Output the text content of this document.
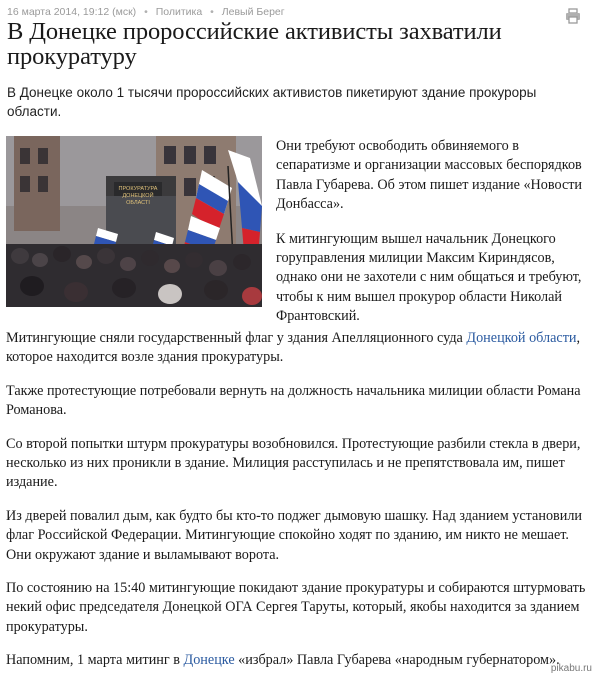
16 марта 2014, 19:12 (мск) • Политика • Левый Берег
В Донецке пророссийские активисты захватили прокуратуру

В Донецке около 1 тысячи пророссийских активистов пикетируют здание прокуроры области.

ПРОКУРАТУРА
ДОНЕЦКОЙ
ОБЛАСТІ

Они требуют освободить обвиняемого в сепаратизме и организации массовых беспорядков Павла Губарева. Об этом пишет издание «Новости Донбасса».

К митингующим вышел начальник Донецкого горуправления милиции Максим Кириндясов, однако они не захотели с ним общаться и требуют, чтобы к ним вышел прокурор области Николай Франтовский.

Митингующие сняли государственный флаг у здания Апелляционного суда Донецкой области, которое находится возле здания прокуратуры.

Также протестующие потребовали вернуть на должность начальника милиции области Романа Романова.

Со второй попытки штурм прокуратуры возобновился. Протестующие разбили стекла в двери, несколько из них проникли в здание. Милиция расступилась и не препятствовала им, пишет издание.

Из дверей повалил дым, как будто бы кто-то поджег дымовую шашку. Над зданием установили флаг Российской Федерации. Митингующие спокойно ходят по зданию, им никто не мешает. Они окружают здание и выламывают ворота.

По состоянию на 15:40 митингующие покидают здание прокуратуры и собираются штурмовать некий офис председателя Донецкой ОГА Сергея Таруты, который, якобы находится за зданием прокуратуры.

Напомним, 1 марта митинг в Донецке «избрал» Павла Губарева «народным губернатором».

pikabu.ru
